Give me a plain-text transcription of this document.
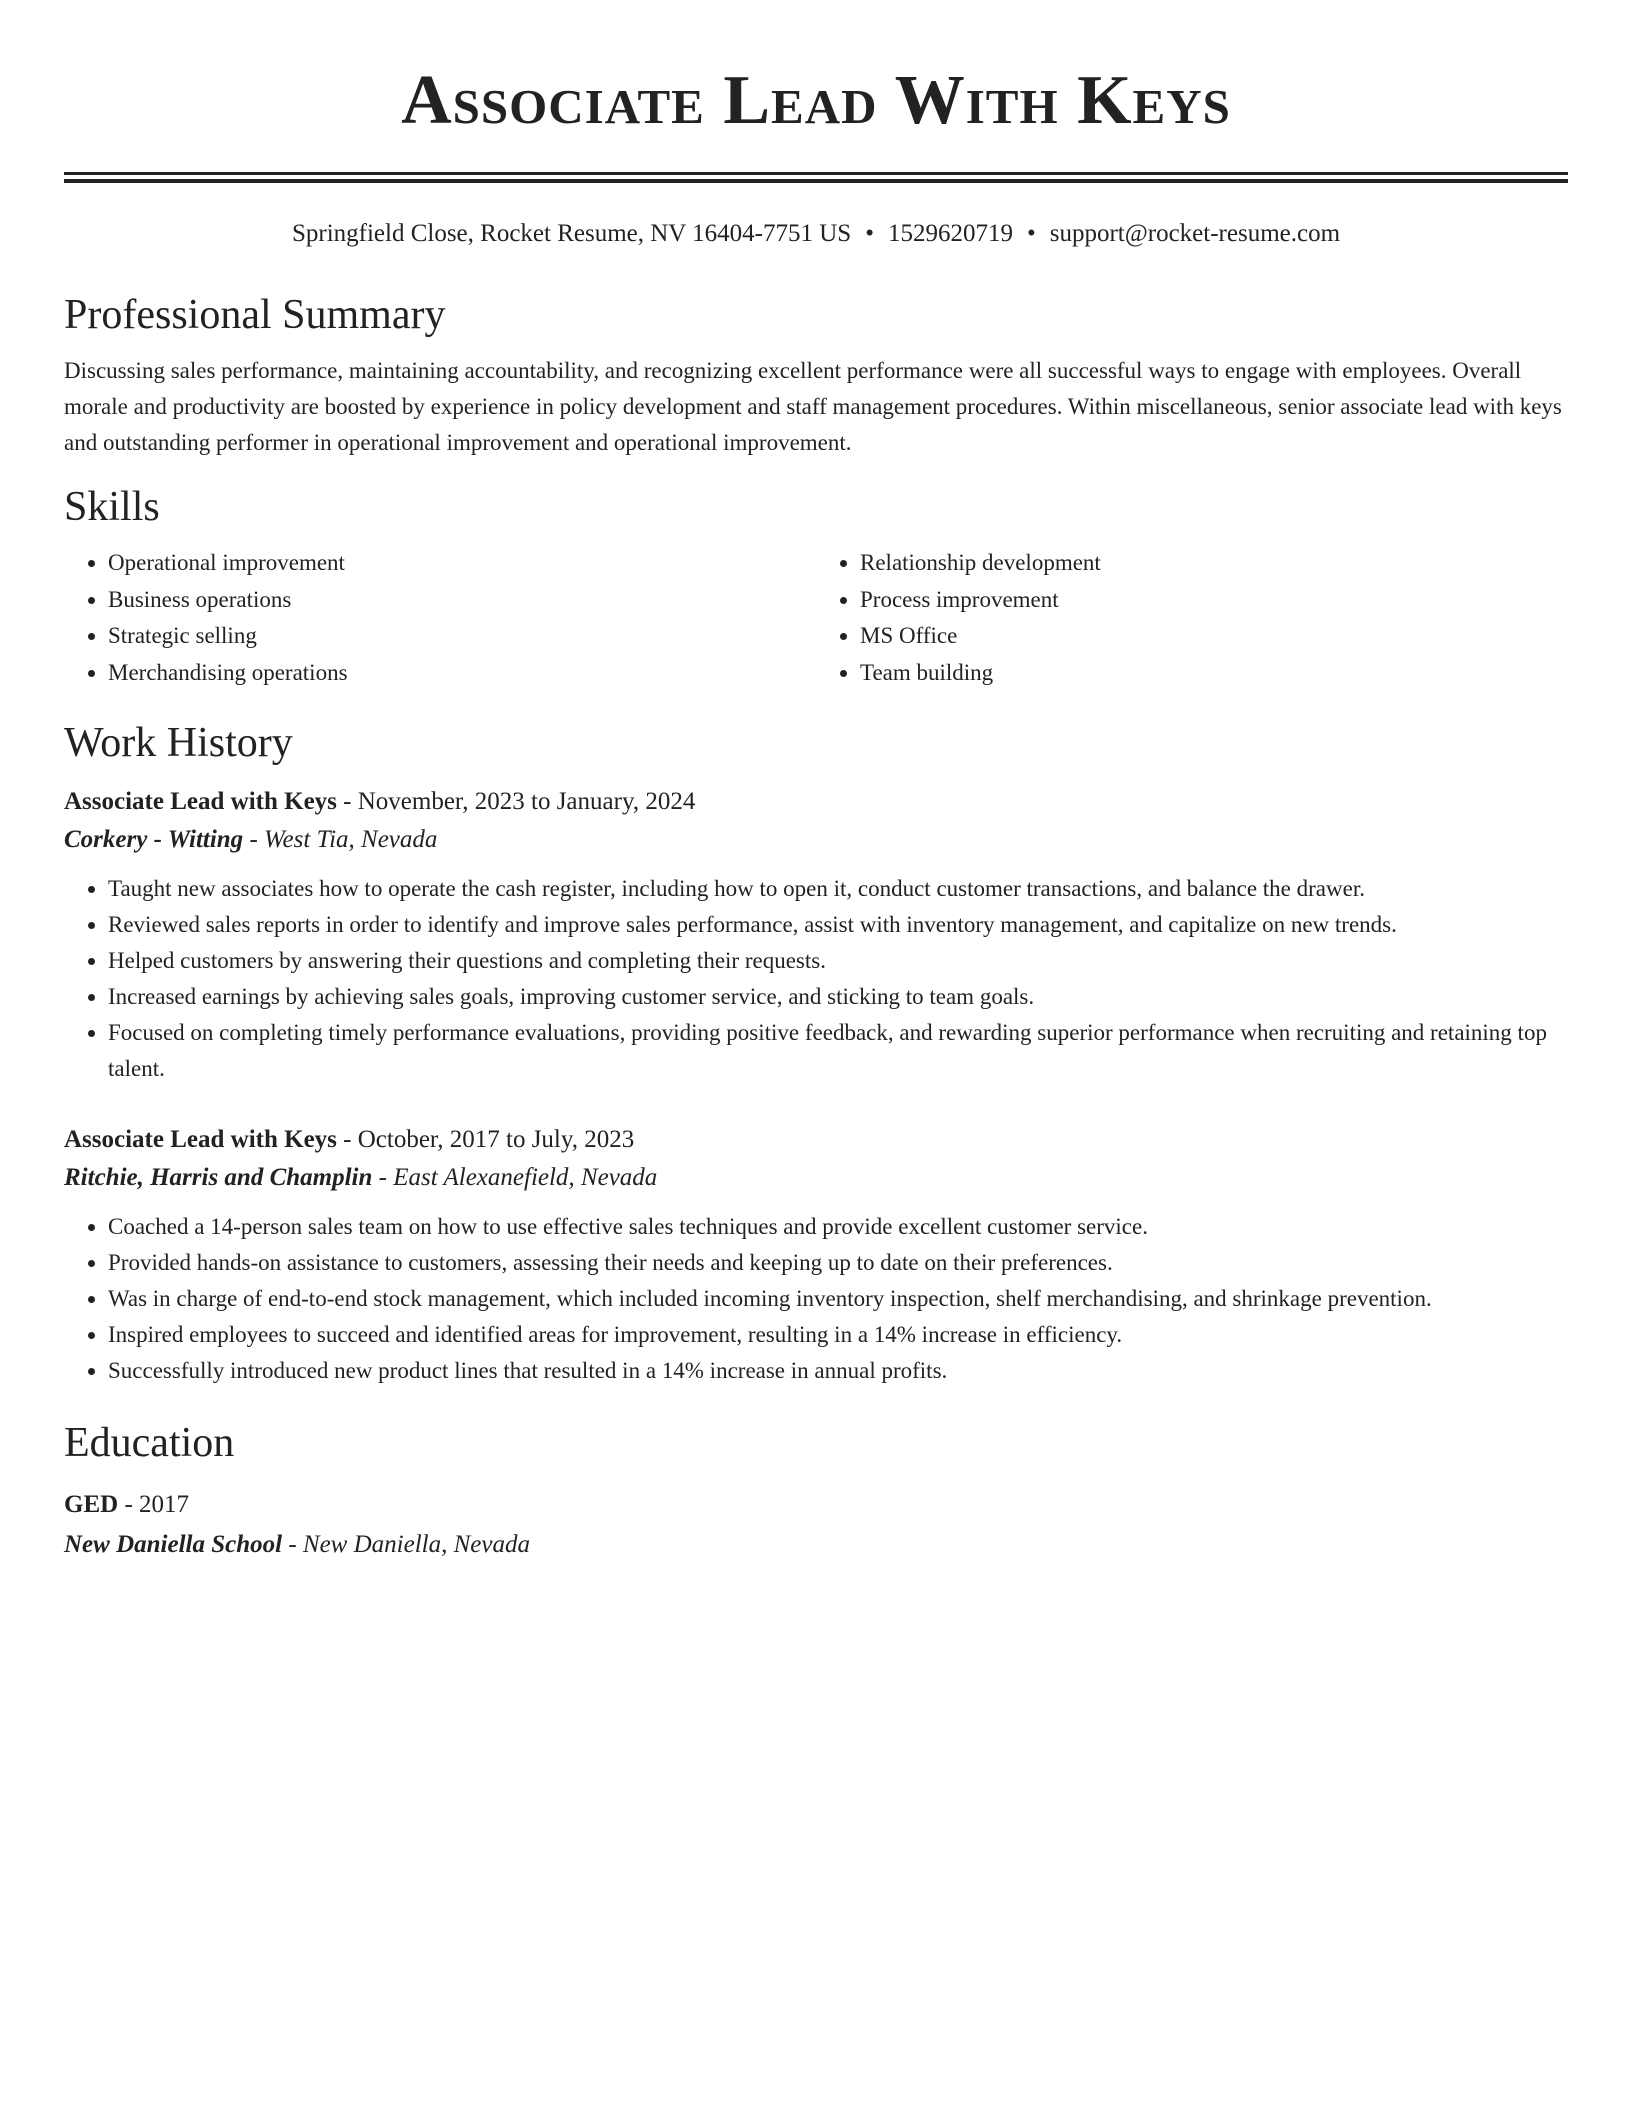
Associate Lead With Keys
Springfield Close, Rocket Resume, NV 16404-7751 US • 1529620719 • support@rocket-resume.com
Professional Summary
Discussing sales performance, maintaining accountability, and recognizing excellent performance were all successful ways to engage with employees. Overall morale and productivity are boosted by experience in policy development and staff management procedures. Within miscellaneous, senior associate lead with keys and outstanding performer in operational improvement and operational improvement.
Skills
• Operational improvement
• Business operations
• Strategic selling
• Merchandising operations
• Relationship development
• Process improvement
• MS Office
• Team building
Work History
Associate Lead with Keys - November, 2023 to January, 2024
Corkery - Witting - West Tia, Nevada
• Taught new associates how to operate the cash register, including how to open it, conduct customer transactions, and balance the drawer.
• Reviewed sales reports in order to identify and improve sales performance, assist with inventory management, and capitalize on new trends.
• Helped customers by answering their questions and completing their requests.
• Increased earnings by achieving sales goals, improving customer service, and sticking to team goals.
• Focused on completing timely performance evaluations, providing positive feedback, and rewarding superior performance when recruiting and retaining top talent.
Associate Lead with Keys - October, 2017 to July, 2023
Ritchie, Harris and Champlin - East Alexanefield, Nevada
• Coached a 14-person sales team on how to use effective sales techniques and provide excellent customer service.
• Provided hands-on assistance to customers, assessing their needs and keeping up to date on their preferences.
• Was in charge of end-to-end stock management, which included incoming inventory inspection, shelf merchandising, and shrinkage prevention.
• Inspired employees to succeed and identified areas for improvement, resulting in a 14% increase in efficiency.
• Successfully introduced new product lines that resulted in a 14% increase in annual profits.
Education
GED - 2017
New Daniella School - New Daniella, Nevada
